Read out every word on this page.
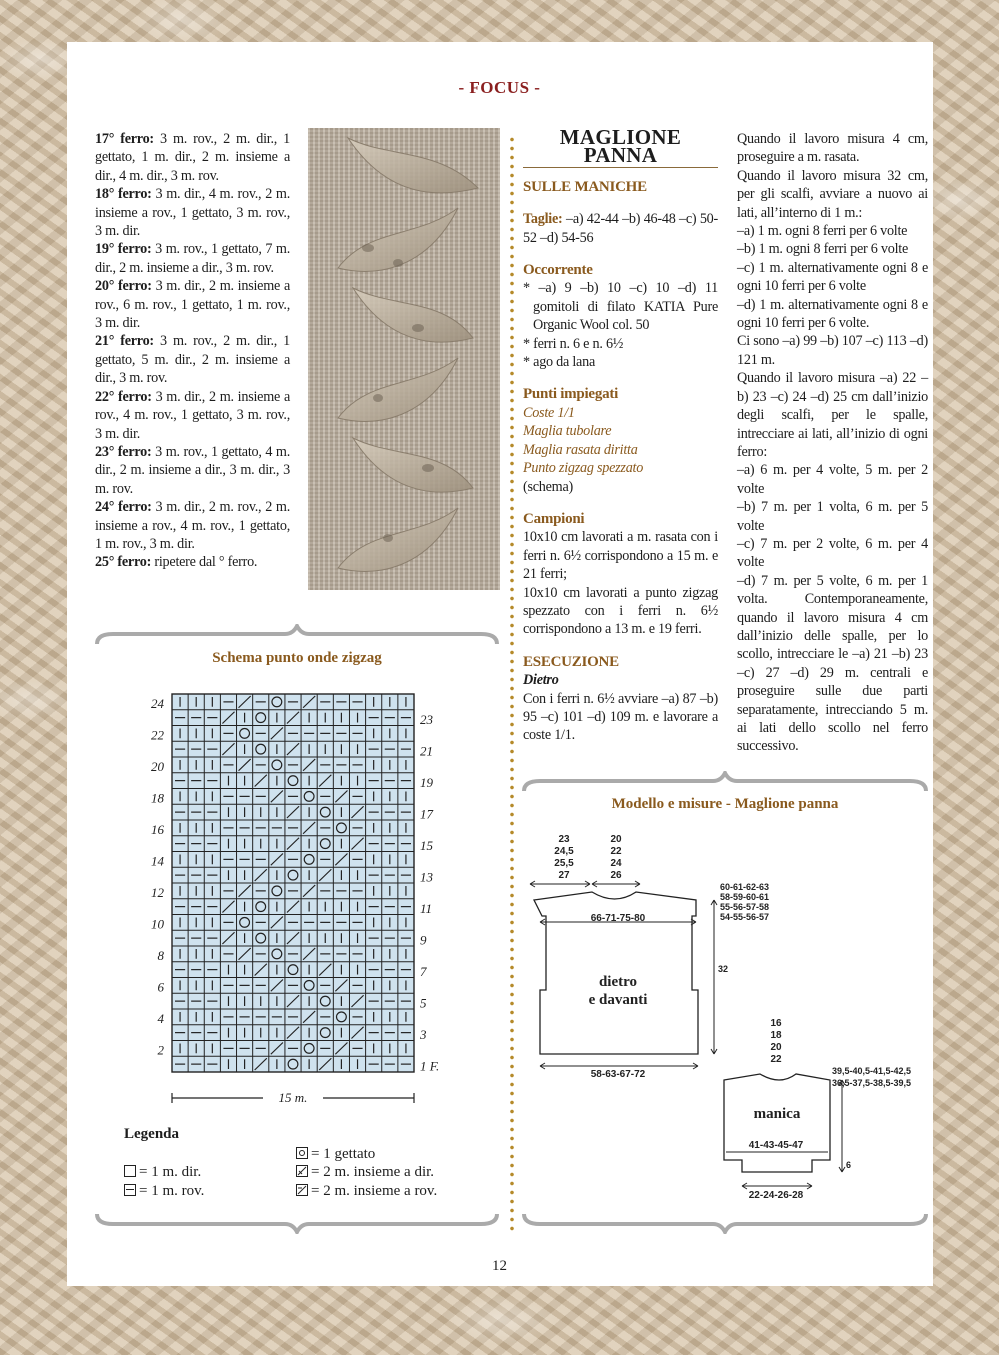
- FOCUS -

17° ferro: 3 m. rov., 2 m. dir., 1 gettato, 1 m. dir., 2 m. insieme a dir., 4 m. dir., 3 m. rov.

18° ferro: 3 m. dir., 4 m. rov., 2 m. insieme a rov., 1 gettato, 3 m. rov., 3 m. dir.

19° ferro: 3 m. rov., 1 gettato, 7 m. dir., 2 m. insieme a dir., 3 m. rov.

20° ferro: 3 m. dir., 2 m. insieme a rov., 6 m. rov., 1 gettato, 1 m. rov., 3 m. dir.

21° ferro: 3 m. rov., 2 m. dir., 1 gettato, 5 m. dir., 2 m. insieme a dir., 3 m. rov.

22° ferro: 3 m. dir., 2 m. insieme a rov., 4 m. rov., 1 gettato, 3 m. rov., 3 m. dir.

23° ferro: 3 m. rov., 1 gettato, 4 m. dir., 2 m. insieme a dir., 3 m. dir., 3 m. rov.

24° ferro: 3 m. dir., 2 m. rov., 2 m. insieme a rov., 4 m. rov., 1 gettato, 1 m. rov., 3 m. dir.

25° ferro: ripetere dal ° ferro.

MAGLIONE PANNA
SULLE MANICHE

Taglie: –a) 42-44 –b) 46-48 –c) 50-52 –d) 54-56

Occorrente

* –a) 9 –b) 10 –c) 10 –d) 11 gomitoli di filato KATIA Pure Organic Wool col. 50

* ferri n. 6 e n. 6½

* ago da lana

Punti impiegati

Coste 1/1

Maglia tubolare

Maglia rasata diritta

Punto zigzag spezzato

(schema)

Campioni

10x10 cm lavorati a m. rasata con i ferri n. 6½ corrispondono a 15 m. e 21 ferri;

10x10 cm lavorati a punto zigzag spezzato con i ferri n. 6½ corrispondono a 13 m. e 19 ferri.

ESECUZIONE

Dietro

Con i ferri n. 6½ avviare –a) 87 –b) 95 –c) 101 –d) 109 m. e lavorare a coste 1/1.

Quando il lavoro misura 4 cm, proseguire a m. rasata.

Quando il lavoro misura 32 cm, per gli scalfi, avviare a nuovo ai lati, all’interno di 1 m.:

–a) 1 m. ogni 8 ferri per 6 volte

–b) 1 m. ogni 8 ferri per 6 volte

–c) 1 m. alternativamente ogni 8 e ogni 10 ferri per 6 volte

–d) 1 m. alternativamente ogni 8 e ogni 10 ferri per 6 volte.

Ci sono –a) 99 –b) 107 –c) 113 –d) 121 m.

Quando il lavoro misura –a) 22 –b) 23 –c) 24 –d) 25 cm dall’inizio degli scalfi, per le spalle, intrecciare ai lati, all’inizio di ogni ferro:

–a) 6 m. per 4 volte, 5 m. per 2 volte

–b) 7 m. per 1 volta, 6 m. per 5 volte

–c) 7 m. per 2 volte, 6 m. per 4 volte

–d) 7 m. per 5 volte, 6 m. per 1 volta. Contemporaneamente, quando il lavoro misura 4 cm dall’inizio delle spalle, per lo scollo, intrecciare le –a) 21 –b) 23 –c) 27 –d) 29 m. centrali e proseguire sulle due parti separatamente, intrecciando 5 m. ai lati dello scollo nel ferro successivo.

Schema punto onde zigzag
24
22
20
18
16
14
12
10
8
6
4
2
23
21
19
17
15
13
11
9
7
5
3
1 F.
15 m.
Legenda
= 1 m. dir.
= 1 m. rov.
= 1 gettato
= 2 m. insieme a dir.
= 2 m. insieme a rov.
Modello e misure - Maglione panna
23
24,5
25,5
27
20
22
24
26
60-61-62-63
58-59-60-61
55-56-57-58
54-55-56-57
32
39,5-40,5-41,5-42,5
36,5-37,5-38,5-39,5
6
66-71-75-80
58-63-67-72
16
18
20
22
41-43-45-47
22-24-26-28
dietro
e davanti
manica
12
